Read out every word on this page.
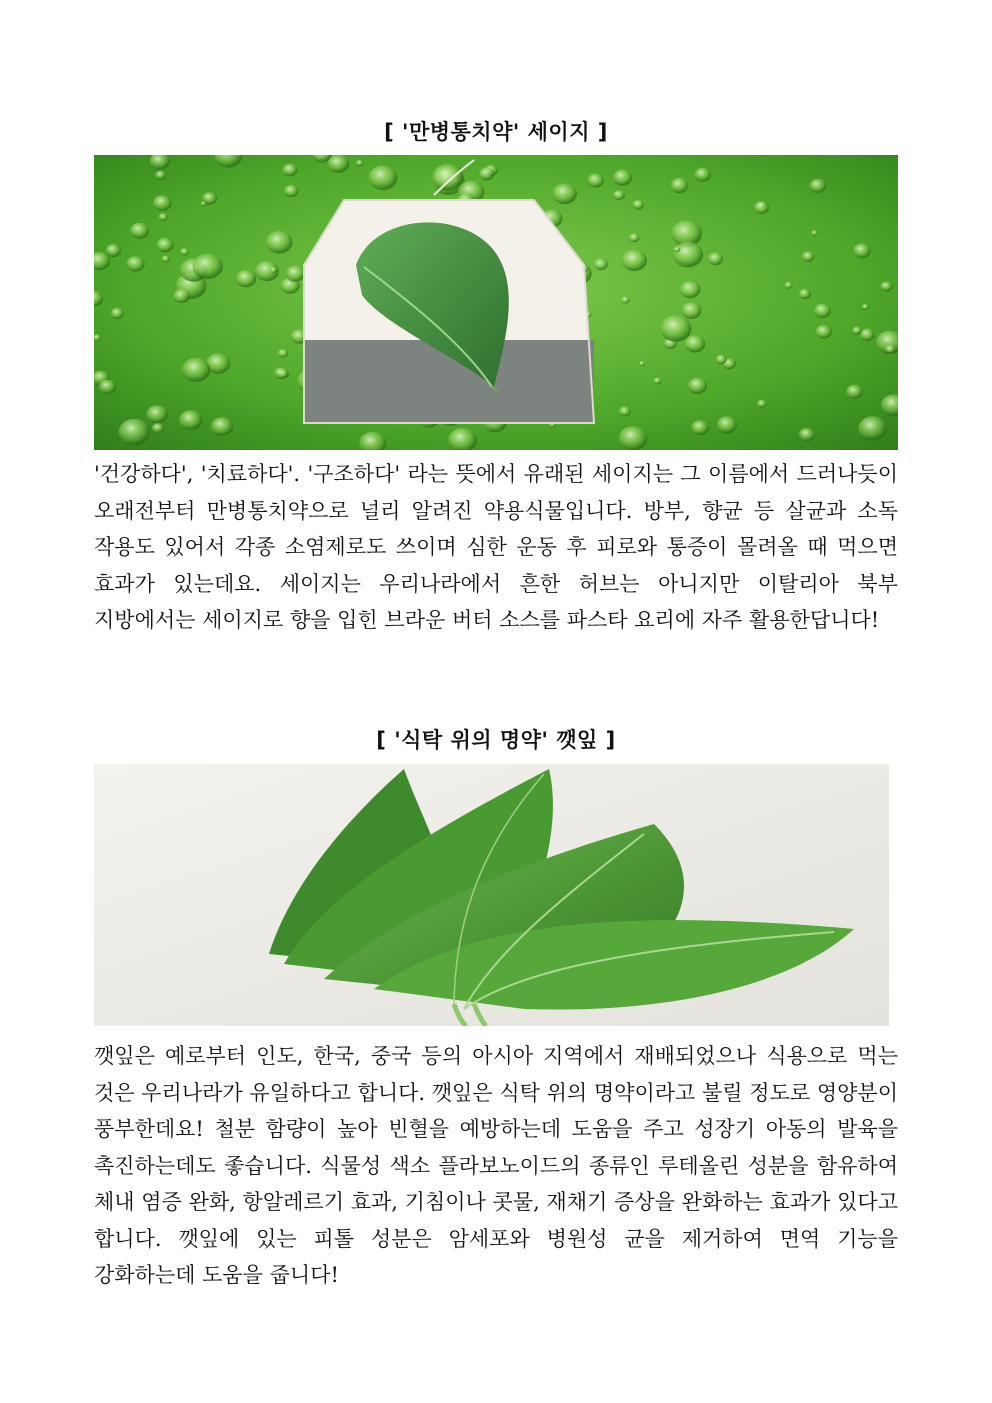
[ '만병통치약' 세이지 ]

'건강하다', '치료하다'. '구조하다' 라는 뜻에서 유래된 세이지는 그 이름에서 드러나듯이 오래전부터 만병통치약으로 널리 알려진 약용식물입니다. 방부, 향균 등 살균과 소독 작용도 있어서 각종 소염제로도 쓰이며 심한 운동 후 피로와 통증이 몰려올 때 먹으면 효과가 있는데요. 세이지는 우리나라에서 흔한 허브는 아니지만 이탈리아 북부 지방에서는 세이지로 향을 입힌 브라운 버터 소스를 파스타 요리에 자주 활용한답니다!

[ '식탁 위의 명약' 깻잎 ]

깻잎은 예로부터 인도, 한국, 중국 등의 아시아 지역에서 재배되었으나 식용으로 먹는 것은 우리나라가 유일하다고 합니다. 깻잎은 식탁 위의 명약이라고 불릴 정도로 영양분이 풍부한데요! 철분 함량이 높아 빈혈을 예방하는데 도움을 주고 성장기 아동의 발육을 촉진하는데도 좋습니다. 식물성 색소 플라보노이드의 종류인 루테올린 성분을 함유하여 체내 염증 완화, 항알레르기 효과, 기침이나 콧물, 재채기 증상을 완화하는 효과가 있다고 합니다. 깻잎에 있는 피톨 성분은 암세포와 병원성 균을 제거하여 면역 기능을 강화하는데 도움을 줍니다!
